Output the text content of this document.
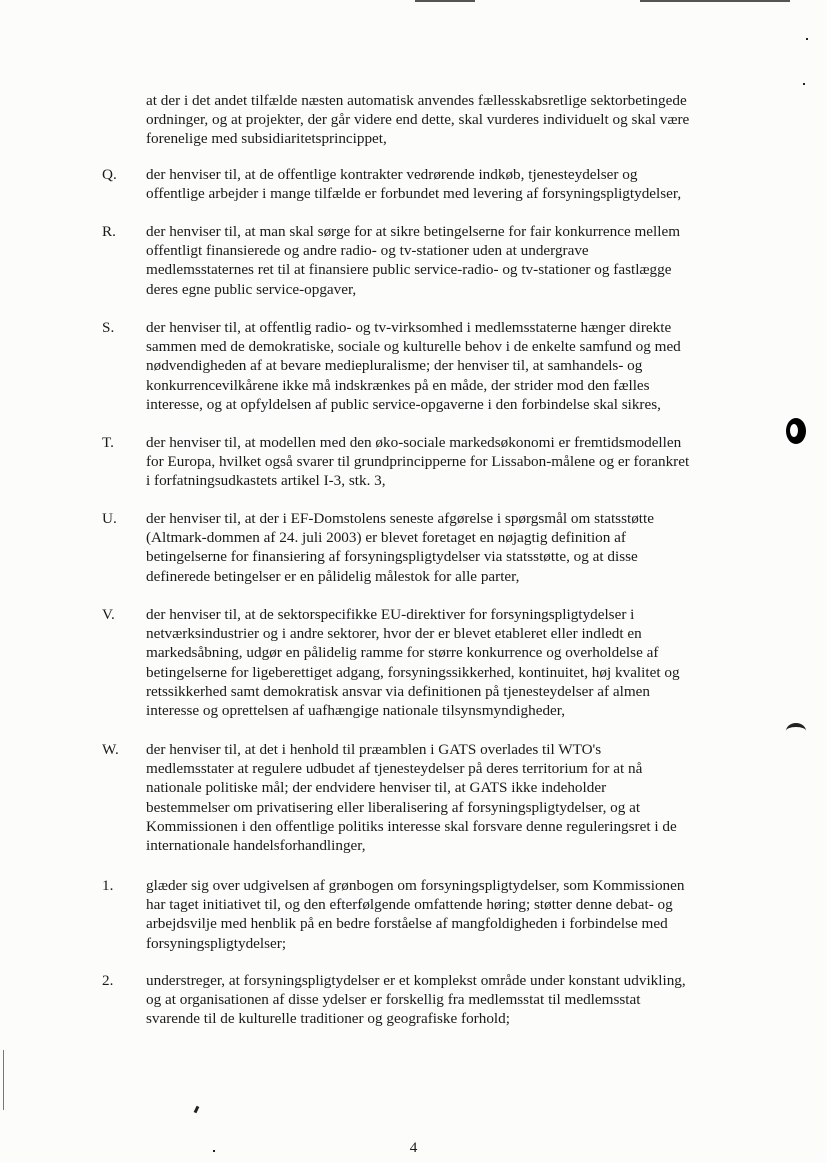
at der i det andet tilfælde næsten automatisk anvendes fællesskabsretlige sektorbetingede
ordninger, og at projekter, der går videre end dette, skal vurderes individuelt og skal være
forenelige med subsidiaritetsprincippet,
Q.	der henviser til, at de offentlige kontrakter vedrørende indkøb, tjenesteydelser og
offentlige arbejder i mange tilfælde er forbundet med levering af forsyningspligtydelser,
R.	der henviser til, at man skal sørge for at sikre betingelserne for fair konkurrence mellem
offentligt finansierede og andre radio- og tv-stationer uden at undergrave
medlemsstaternes ret til at finansiere public service-radio- og tv-stationer og fastlægge
deres egne public service-opgaver,
S.	der henviser til, at offentlig radio- og tv-virksomhed i medlemsstaterne hænger direkte
sammen med de demokratiske, sociale og kulturelle behov i de enkelte samfund og med
nødvendigheden af at bevare mediepluralisme; der henviser til, at samhandels- og
konkurrencevilkårene ikke må indskrænkes på en måde, der strider mod den fælles
interesse, og at opfyldelsen af public service-opgaverne i den forbindelse skal sikres,
T.	der henviser til, at modellen med den øko-sociale markedsøkonomi er fremtidsmodellen
for Europa, hvilket også svarer til grundprincipperne for Lissabon-målene og er forankret
i forfatningsudkastets artikel I-3, stk. 3,
U.	der henviser til, at der i EF-Domstolens seneste afgørelse i spørgsmål om statsstøtte
(Altmark-dommen af 24. juli 2003) er blevet foretaget en nøjagtig definition af
betingelserne for finansiering af forsyningspligtydelser via statsstøtte, og at disse
definerede betingelser er en pålidelig målestok for alle parter,
V.	der henviser til, at de sektorspecifikke EU-direktiver for forsyningspligtydelser i
netværksindustrier og i andre sektorer, hvor der er blevet etableret eller indledt en
markedsåbning, udgør en pålidelig ramme for større konkurrence og overholdelse af
betingelserne for ligeberettiget adgang, forsyningssikkerhed, kontinuitet, høj kvalitet og
retssikkerhed samt demokratisk ansvar via definitionen på tjenesteydelser af almen
interesse og oprettelsen af uafhængige nationale tilsynsmyndigheder,
W.	der henviser til, at det i henhold til præamblen i GATS overlades til WTO's
medlemsstater at regulere udbudet af tjenesteydelser på deres territorium for at nå
nationale politiske mål; der endvidere henviser til, at GATS ikke indeholder
bestemmelser om privatisering eller liberalisering af forsyningspligtydelser, og at
Kommissionen i den offentlige politiks interesse skal forsvare denne reguleringsret i de
internationale handelsforhandlinger,
1.	glæder sig over udgivelsen af grønbogen om forsyningspligtydelser, som Kommissionen
har taget initiativet til, og den efterfølgende omfattende høring; støtter denne debat- og
arbejdsvilje med henblik på en bedre forståelse af mangfoldigheden i forbindelse med
forsyningspligtydelser;
2.	understreger, at forsyningspligtydelser er et komplekst område under konstant udvikling,
og at organisationen af disse ydelser er forskellig fra medlemsstat til medlemsstat
svarende til de kulturelle traditioner og geografiske forhold;
4
